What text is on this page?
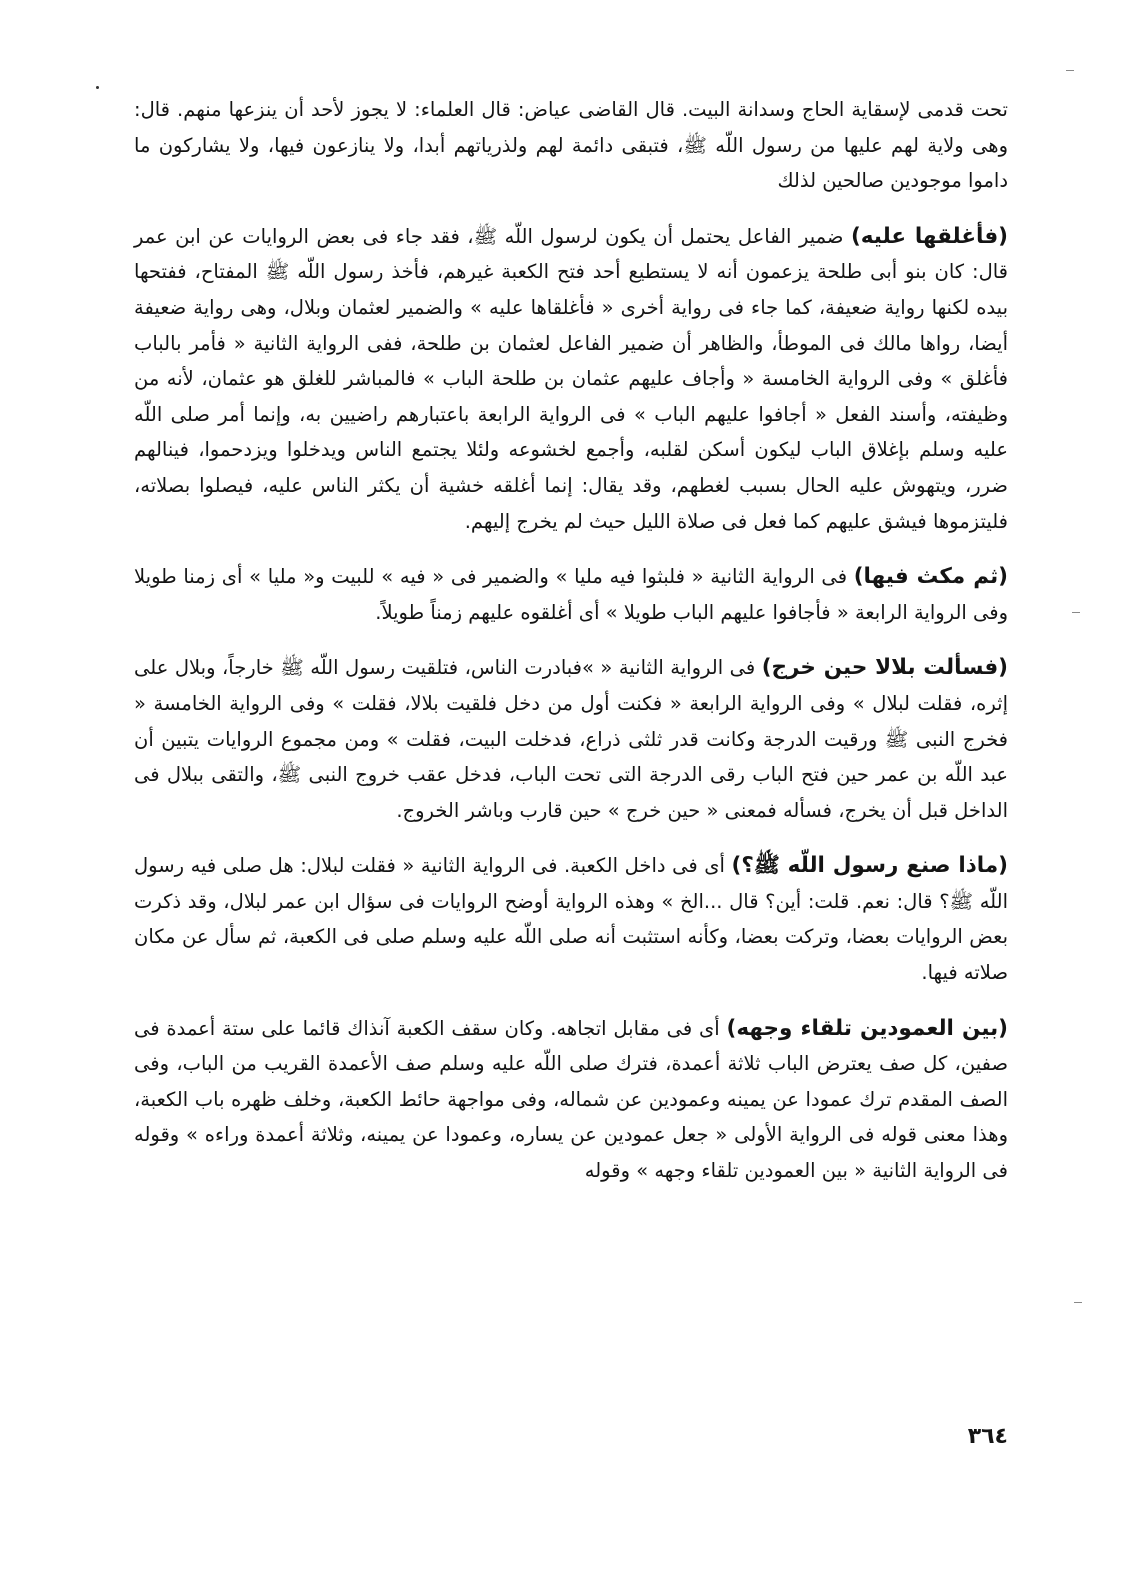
تحت قدمى لإسقاية الحاج وسدانة البيت. قال القاضى عياض: قال العلماء: لا يجوز لأحد أن ينزعها منهم. قال: وهى ولاية لهم عليها من رسول اللّه ﷺ، فتبقى دائمة لهم ولذرياتهم أبدا، ولا ينازعون فيها، ولا يشاركون ما داموا موجودين صالحين لذلك

(فأغلقها عليه) ضمير الفاعل يحتمل أن يكون لرسول اللّه ﷺ، فقد جاء فى بعض الروايات عن ابن عمر قال: كان بنو أبى طلحة يزعمون أنه لا يستطيع أحد فتح الكعبة غيرهم، فأخذ رسول اللّه ﷺ المفتاح، ففتحها بيده لكنها رواية ضعيفة، كما جاء فى رواية أخرى « فأغلقاها عليه » والضمير لعثمان وبلال، وهى رواية ضعيفة أيضا، رواها مالك فى الموطأ، والظاهر أن ضمير الفاعل لعثمان بن طلحة، ففى الرواية الثانية « فأمر بالباب فأغلق » وفى الرواية الخامسة « وأجاف عليهم عثمان بن طلحة الباب » فالمباشر للغلق هو عثمان، لأنه من وظيفته، وأسند الفعل « أجافوا عليهم الباب » فى الرواية الرابعة باعتبارهم راضيين به، وإنما أمر صلى اللّه عليه وسلم بإغلاق الباب ليكون أسكن لقلبه، وأجمع لخشوعه ولئلا يجتمع الناس ويدخلوا ويزدحموا، فينالهم ضرر، ويتهوش عليه الحال بسبب لغطهم، وقد يقال: إنما أغلقه خشية أن يكثر الناس عليه، فيصلوا بصلاته، فليتزموها فيشق عليهم كما فعل فى صلاة الليل حيث لم يخرج إليهم.

(ثم مكث فيها) فى الرواية الثانية « فلبثوا فيه مليا » والضمير فى « فيه » للبيت و« مليا » أى زمنا طويلا وفى الرواية الرابعة « فأجافوا عليهم الباب طويلا » أى أغلقوه عليهم زمناً طويلاً.

(فسألت بلالا حين خرج) فى الرواية الثانية « »فبادرت الناس، فتلقيت رسول اللّه ﷺ خارجاً، وبلال على إثره، فقلت لبلال » وفى الرواية الرابعة « فكنت أول من دخل فلقيت بلالا، فقلت » وفى الرواية الخامسة « فخرج النبى ﷺ ورقيت الدرجة وكانت قدر ثلثى ذراع، فدخلت البيت، فقلت » ومن مجموع الروايات يتبين أن عبد اللّه بن عمر حين فتح الباب رقى الدرجة التى تحت الباب، فدخل عقب خروج النبى ﷺ، والتقى ببلال فى الداخل قبل أن يخرج، فسأله فمعنى « حين خرج » حين قارب وباشر الخروج.

(ماذا صنع رسول اللّه ﷺ؟) أى فى داخل الكعبة. فى الرواية الثانية « فقلت لبلال: هل صلى فيه رسول اللّه ﷺ؟ قال: نعم. قلت: أين؟ قال ...الخ » وهذه الرواية أوضح الروايات فى سؤال ابن عمر لبلال، وقد ذكرت بعض الروايات بعضا، وتركت بعضا، وكأنه استثبت أنه صلى اللّه عليه وسلم صلى فى الكعبة، ثم سأل عن مكان صلاته فيها.

(بين العمودين تلقاء وجهه) أى فى مقابل اتجاهه. وكان سقف الكعبة آنذاك قائما على ستة أعمدة فى صفين، كل صف يعترض الباب ثلاثة أعمدة، فترك صلى اللّه عليه وسلم صف الأعمدة القريب من الباب، وفى الصف المقدم ترك عمودا عن يمينه وعمودين عن شماله، وفى مواجهة حائط الكعبة، وخلف ظهره باب الكعبة، وهذا معنى قوله فى الرواية الأولى « جعل عمودين عن يساره، وعمودا عن يمينه، وثلاثة أعمدة وراءه » وقوله فى الرواية الثانية « بين العمودين تلقاء وجهه » وقوله

٣٦٤
